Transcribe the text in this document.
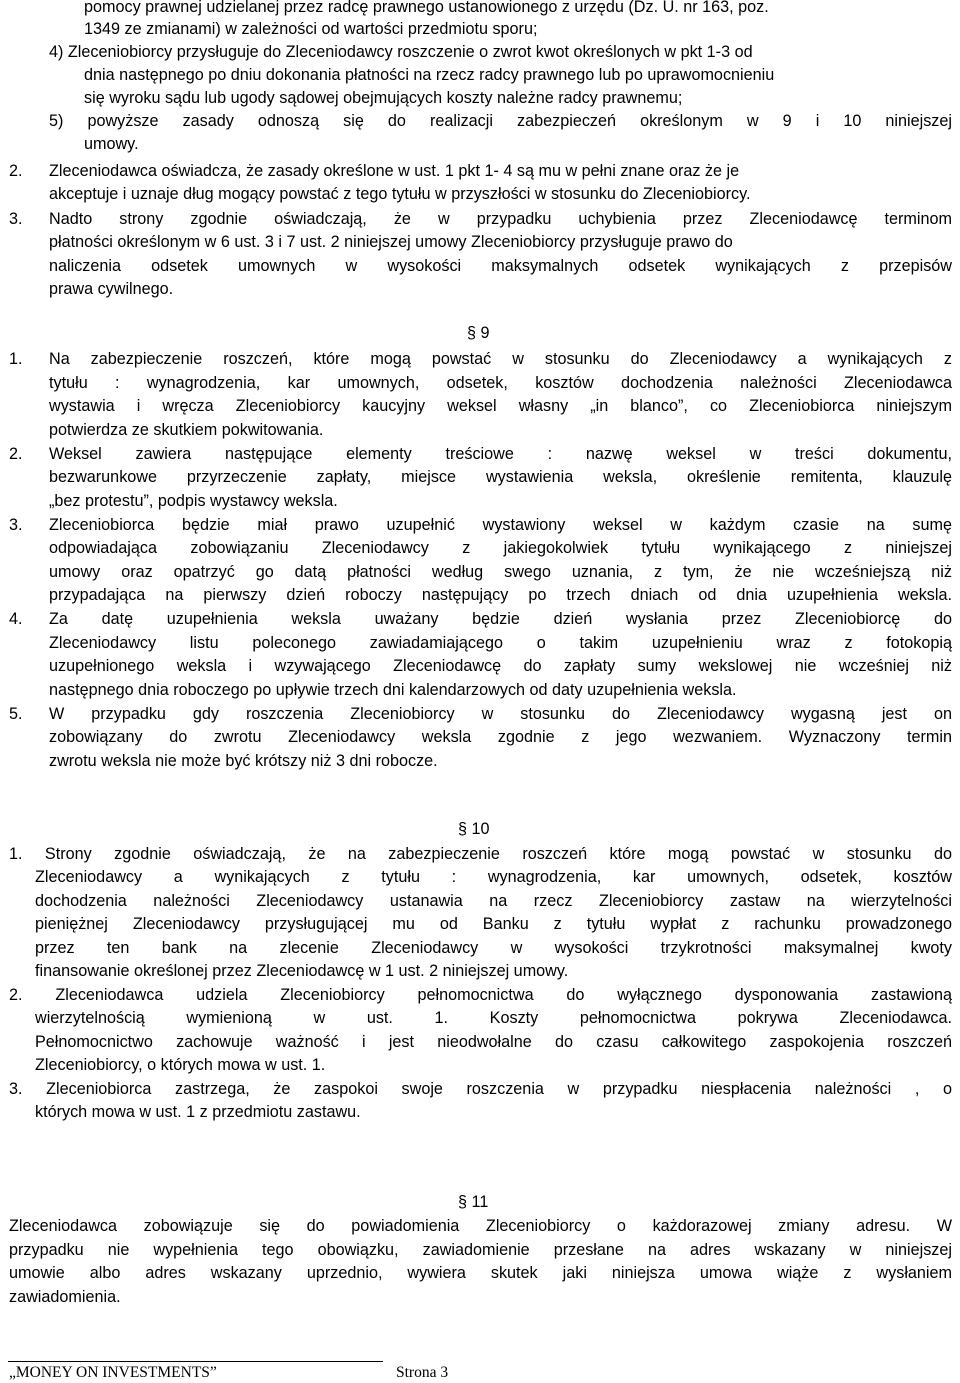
pomocy prawnej udzielanej przez radcę prawnego ustanowionego z urzędu (Dz. U. nr 163, poz.
1349 ze zmianami) w zależności od wartości przedmiotu sporu;
4) Zleceniobiorcy przysługuje do Zleceniodawcy roszczenie o zwrot kwot określonych w pkt 1-3 od
dnia następnego po dniu dokonania płatności na rzecz radcy prawnego lub po uprawomocnieniu
się wyroku sądu lub ugody sądowej obejmujących koszty należne radcy prawnemu;
5) powyższe zasady odnoszą się do realizacji zabezpieczeń określonym w 9 i 10 niniejszej
umowy.
2. Zleceniodawca oświadcza, że zasady określone w ust. 1 pkt 1- 4 są mu w pełni znane oraz że je
akceptuje i uznaje dług mogący powstać z tego tytułu w przyszłości w stosunku do Zleceniobiorcy.
3. Nadto strony zgodnie oświadczają, że w przypadku uchybienia przez Zleceniodawcę terminom
płatności określonym w 6 ust. 3 i 7 ust. 2 niniejszej umowy Zleceniobiorcy przysługuje prawo do
naliczenia odsetek umownych w wysokości maksymalnych odsetek wynikających z przepisów
prawa cywilnego.
§ 9
1. Na zabezpieczenie roszczeń, które mogą powstać w stosunku do Zleceniodawcy a wynikających z
tytułu : wynagrodzenia, kar umownych, odsetek, kosztów dochodzenia należności Zleceniodawca
wystawia i wręcza Zleceniobiorcy kaucyjny weksel własny „in blanco”, co Zleceniobiorca niniejszym
potwierdza ze skutkiem pokwitowania.
2. Weksel zawiera następujące elementy treściowe : nazwę weksel w treści dokumentu,
bezwarunkowe przyrzeczenie zapłaty, miejsce wystawienia weksla, określenie remitenta, klauzulę
„bez protestu”, podpis wystawcy weksla.
3. Zleceniobiorca będzie miał prawo uzupełnić wystawiony weksel w każdym czasie na sumę
odpowiadająca zobowiązaniu Zleceniodawcy z jakiegokolwiek tytułu wynikającego z niniejszej
umowy oraz opatrzyć go datą płatności według swego uznania, z tym, że nie wcześniejszą niż
przypadająca na pierwszy dzień roboczy następujący po trzech dniach od dnia uzupełnienia weksla.
4. Za datę uzupełnienia weksla uważany będzie dzień wysłania przez Zleceniobiorcę do
Zleceniodawcy listu poleconego zawiadamiającego o takim uzupełnieniu wraz z fotokopią
uzupełnionego weksla i wzywającego Zleceniodawcę do zapłaty sumy wekslowej nie wcześniej niż
następnego dnia roboczego po upływie trzech dni kalendarzowych od daty uzupełnienia weksla.
5. W przypadku gdy roszczenia Zleceniobiorcy w stosunku do Zleceniodawcy wygasną jest on
zobowiązany do zwrotu Zleceniodawcy weksla zgodnie z jego wezwaniem. Wyznaczony termin
zwrotu weksla nie może być krótszy niż 3 dni robocze.
§ 10
1. Strony zgodnie oświadczają, że na zabezpieczenie roszczeń które mogą powstać w stosunku do
Zleceniodawcy a wynikających z tytułu : wynagrodzenia, kar umownych, odsetek, kosztów
dochodzenia należności Zleceniodawcy ustanawia na rzecz Zleceniobiorcy zastaw na wierzytelności
pieniężnej Zleceniodawcy przysługującej mu od Banku z tytułu wypłat z rachunku prowadzonego
przez ten bank na zlecenie Zleceniodawcy w wysokości trzykrotności maksymalnej kwoty
finansowanie określonej przez Zleceniodawcę w 1 ust. 2 niniejszej umowy.
2. Zleceniodawca udziela Zleceniobiorcy pełnomocnictwa do wyłącznego dysponowania zastawioną
wierzytelnością wymienioną w ust. 1. Koszty pełnomocnictwa pokrywa Zleceniodawca.
Pełnomocnictwo zachowuje ważność i jest nieodwołalne do czasu całkowitego zaspokojenia roszczeń
Zleceniobiorcy, o których mowa w ust. 1.
3. Zleceniobiorca zastrzega, że zaspokoi swoje roszczenia w przypadku niespłacenia należności , o
których mowa w ust. 1 z przedmiotu zastawu.
§ 11
Zleceniodawca zobowiązuje się do powiadomienia Zleceniobiorcy o każdorazowej zmiany adresu. W
przypadku nie wypełnienia tego obowiązku, zawiadomienie przesłane na adres wskazany w niniejszej
umowie albo adres wskazany uprzednio, wywiera skutek jaki niniejsza umowa wiąże z wysłaniem
zawiadomienia.
„MONEY ON INVESTMENTS”	Strona 3
